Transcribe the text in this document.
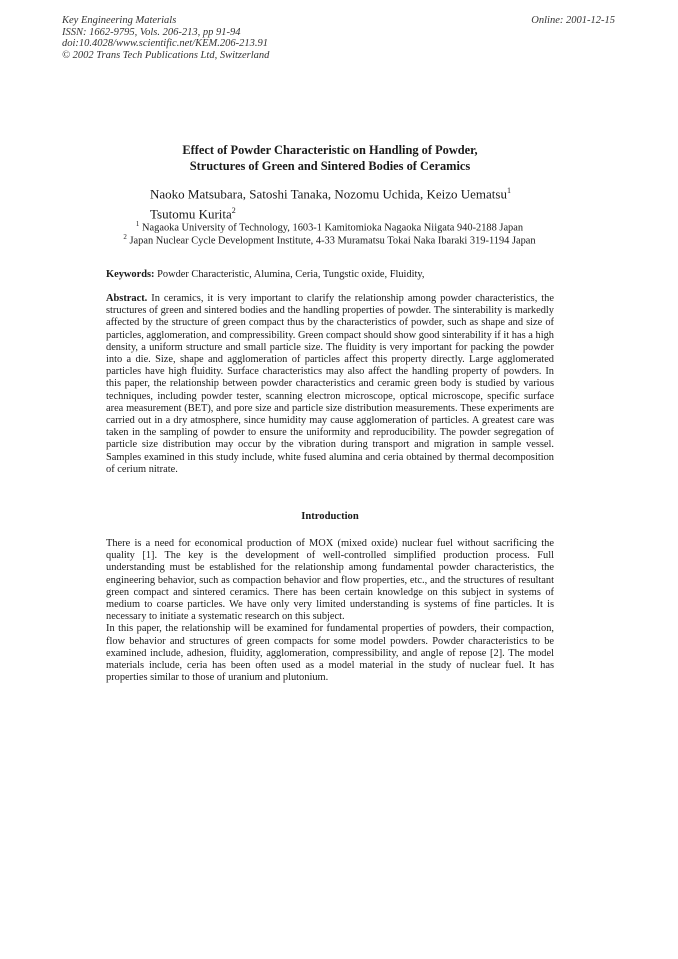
Key Engineering Materials
ISSN: 1662-9795, Vols. 206-213, pp 91-94
doi:10.4028/www.scientific.net/KEM.206-213.91
© 2002 Trans Tech Publications Ltd, Switzerland
Online: 2001-12-15
Effect of Powder Characteristic on Handling of Powder,
Structures of Green and Sintered Bodies of Ceramics
Naoko Matsubara, Satoshi Tanaka, Nozomu Uchida, Keizo Uematsu$^1$
Tsutomu Kurita$^2$
$^1$ Nagaoka University of Technology, 1603-1 Kamitomioka Nagaoka Niigata 940-2188 Japan
$^2$ Japan Nuclear Cycle Development Institute, 4-33 Muramatsu Tokai Naka Ibaraki 319-1194 Japan
Keywords: Powder Characteristic, Alumina, Ceria, Tungstic oxide, Fluidity,
Abstract. In ceramics, it is very important to clarify the relationship among powder characteristics, the structures of green and sintered bodies and the handling properties of powder. The sinterability is markedly affected by the structure of green compact thus by the characteristics of powder, such as shape and size of particles, agglomeration, and compressibility. Green compact should show good sinterability if it has a high density, a uniform structure and small particle size. The fluidity is very important for packing the powder into a die. Size, shape and agglomeration of particles affect this property directly. Large agglomerated particles have high fluidity. Surface characteristics may also affect the handling property of powders. In this paper, the relationship between powder characteristics and ceramic green body is studied by various techniques, including powder tester, scanning electron microscope, optical microscope, specific surface area measurement (BET), and pore size and particle size distribution measurements. These experiments are carried out in a dry atmosphere, since humidity may cause agglomeration of particles. A greatest care was taken in the sampling of powder to ensure the uniformity and reproducibility. The powder segregation of particle size distribution may occur by the vibration during transport and migration in sample vessel. Samples examined in this study include, white fused alumina and ceria obtained by thermal decomposition of cerium nitrate.
Introduction

There is a need for economical production of MOX (mixed oxide) nuclear fuel without sacrificing the quality [1]. The key is the development of well-controlled simplified production process. Full understanding must be established for the relationship among fundamental powder characteristics, the engineering behavior, such as compaction behavior and flow properties, etc., and the structures of resultant green compact and sintered ceramics. There has been certain knowledge on this subject in systems of medium to coarse particles. We have only very limited understanding is systems of fine particles. It is necessary to initiate a systematic research on this subject.

In this paper, the relationship will be examined for fundamental properties of powders, their compaction, flow behavior and structures of green compacts for some model powders. Powder characteristics to be examined include, adhesion, fluidity, agglomeration, compressibility, and angle of repose [2]. The model materials include, ceria has been often used as a model material in the study of nuclear fuel. It has properties similar to those of uranium and plutonium.
